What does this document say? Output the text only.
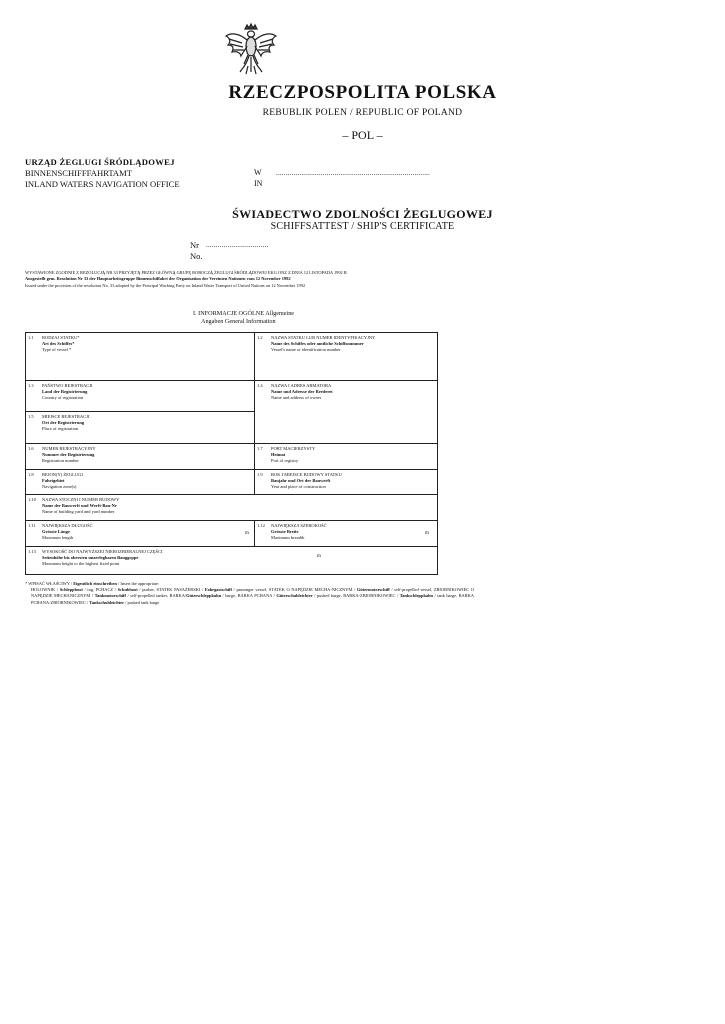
RZECZPOSPOLITA POLSKA
REBUBLIK POLEN / REPUBLIC OF POLAND
– POL –
URZĄD ŻEGLUGI ŚRÓDLĄDOWEJ
BINNENSCHIFFFAHRTAMT
INLAND WATERS NAVIGATION OFFICE
W
IN
...............................................................................
ŚWIADECTWO ZDOLNOŚCI ŻEGLUGOWEJ
SCHIFFSATTEST / SHIP'S CERTIFICATE
Nr ................................
No.
WYSTAWIONE ZGODNIE Z REZOLUCJĄ NR 33 PRZYJĘTĄ PRZEZ GŁÓWNĄ GRUPĘ ROBOCZĄ ŻEGLUGI ŚRÓDLĄDOWEJ EKG ONZ Z DNIA 12 LISTOPADA 1992 R.
Ausgestellt gem. Resolution Nr 33 der Hauptarbeitsgruppe Binnenschiffahrt der Organisation der Vereinten Nationen vom 12 November 1992
Issued under the provision of the resolution No. 33 adopted by the Principal Working Party on Inland Water Transport of United Nations on 12 November 1992
I. INFORMACJE OGÓLNE Allgemeine
Angaben General Information
1.1 RODZAJ STATKU*
Art des Schiffes*
Type of vessel *
1.2 NAZWA STATKU LUB NUMER IDENTYFIKACYJNY
Name des Schiffes oder amtliche Schiffsnummer
Vessel's name or identification number
1.3 PAŃSTWO REJESTRACJI
Land der Registrierung
Country of registration
1.4 NAZWA I ADRES ARMATORA
Name und Adresse der Reederei
Name and address of owner
1.5 MIEJSCE REJESTRACJI
Ort der Registrierung
Place of registration
1.6 NUMER REJESTRACYJNY
Nummer der Registrierung
Registration number
1.7 PORT MACIERZYSTY
Heimat
Port of registry
1.8 REJON(Y) ŻEGLUGI
Fahrtgebiet
Navigation zone(s)
1.9 ROK I MIEJSCE BUDOWY STATKU
Baujahr und Ort der Bauwerft
Year and place of construction
1.10 NAZWA STOCZNI I NUMER BUDOWY
Name der Bauwerft und Werft-Bau-Nr
Name of building yard and yard number
1.11 NAJWIĘKSZA DŁUGOŚĆ
Grösste Länge
Maximum length
m
1.12 NAJWIĘKSZA SZEROKOŚĆ
Grösste Breite
Maximum breadth
m
1.13 WYSOKOŚĆ DO NAJWYŻSZEJ NIEROZBIERALNEJ CZĘŚCI
Seitenhöhe bis obersten unzerlegbaren Bauggrppe
Maximum height to the highest fixed point
m
* WPISAĆ WŁAŚCIWY / Eigentlich einschreiben / Insert the appropriate:
HOLOWNIK / Schleppboot / tug, PCHACZ / Schubboot / pusher, STATEK PASAŻERSKI / Fahrgastschiff / passenger vessel, STATEK O NAPĘDZIE MECHA-NICZNYM / Gütermotorschiff / self-propelled vessel, ZBIORNIKOWIEC O NAPĘDZIE MECHANICZNYM / Tankmotorschiff / self-propelled tanker, BARKA/Güterschleppkahn / barge, BARKA PCHANA / Güterschubleichter / pushed barge, BARKA-ZBIORNIKOWIEC / Tankschleppkahn / tank barge, BARKA PCHANA-ZBIORNIKOWIEC / Tankschubleichter / pushed tank barge
